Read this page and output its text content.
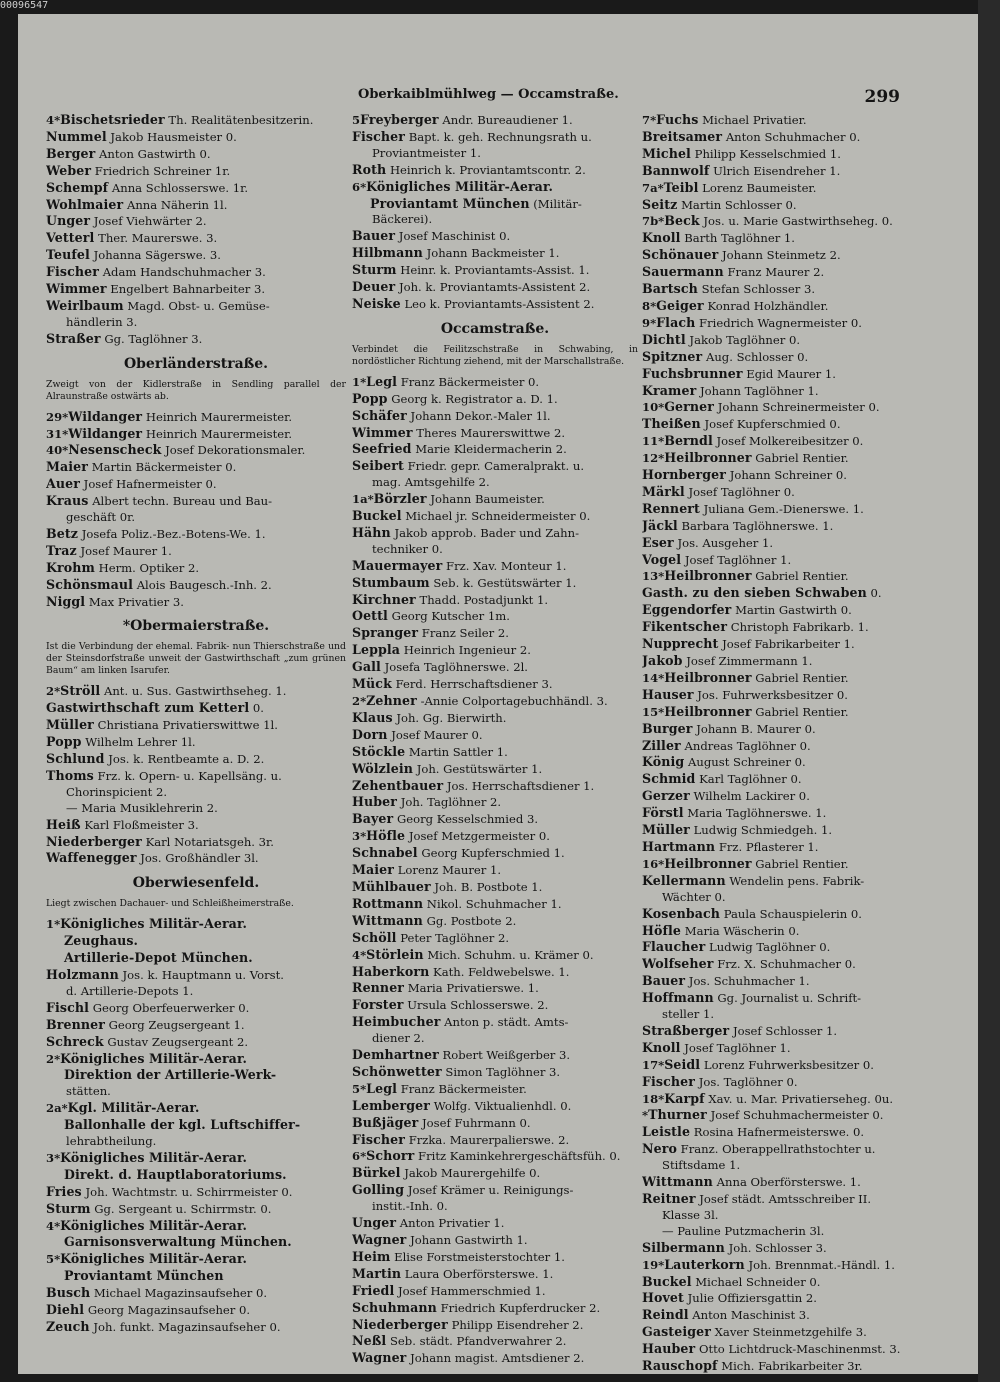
Oberkaiblmühlweg — Occamstraße.	299
4*Bischetsrieder Th. Realitätenbesitzerin.
Nummel Jakob Hausmeister 0.
Berger Anton Gastwirth 0.
Weber Friedrich Schreiner 1r.
Schempf Anna Schlosserswe. 1r.
Wohlmaier Anna Näherin 1l.
Unger Josef Viehwärter 2.
Vetterl Ther. Maurerswe. 3.
Teufel Johanna Sägerswe. 3.
Fischer Adam Handschuhmacher 3.
Wimmer Engelbert Bahnarbeiter 3.
Weirlbaum Magd. Obst- u. Gemüse-
händlerin 3.
Straßer Gg. Taglöhner 3.
Oberländerstraße.
Zweigt von der Kidlerstraße in Sendling parallel der Alraunstraße ostwärts ab.
29*Wildanger Heinrich Maurermeister.
31*Wildanger Heinrich Maurermeister.
40*Nesenscheck Josef Dekorationsmaler.
Maier Martin Bäckermeister 0.
Auer Josef Hafnermeister 0.
Kraus Albert techn. Bureau und Bau-
geschäft 0r.
Betz Josefa Poliz.-Bez.-Botens-We. 1.
Traz Josef Maurer 1.
Krohm Herm. Optiker 2.
Schönsmaul Alois Baugesch.-Inh. 2.
Niggl Max Privatier 3.
*Obermaierstraße.
Ist die Verbindung der ehemal. Fabrik- nun Thierschstraße und der Steinsdorfstraße unweit der Gastwirthschaft „zum grünen Baum“ am linken Isarufer.
2*Ströll Ant. u. Sus. Gastwirthseheg. 1.
Gastwirthschaft zum Ketterl 0.
Müller Christiana Privatierswittwe 1l.
Popp Wilhelm Lehrer 1l.
Schlund Jos. k. Rentbeamte a. D. 2.
Thoms Frz. k. Opern- u. Kapellsäng. u.
Chorinspicient 2.
— Maria Musiklehrerin 2.
Heiß Karl Floßmeister 3.
Niederberger Karl Notariatsgeh. 3r.
Waffenegger Jos. Großhändler 3l.
Oberwiesenfeld.
Liegt zwischen Dachauer- und Schleißheimerstraße.
1*Königliches Militär-Aerar.
Zeughaus.
Artillerie-Depot München.
Holzmann Jos. k. Hauptmann u. Vorst.
d. Artillerie-Depots 1.
Fischl Georg Oberfeuerwerker 0.
Brenner Georg Zeugsergeant 1.
Schreck Gustav Zeugsergeant 2.
2*Königliches Militär-Aerar.
Direktion der Artillerie-Werk-
stätten.
2a*Kgl. Militär-Aerar.
Ballonhalle der kgl. Luftschiffer-
lehrabtheilung.
3*Königliches Militär-Aerar.
Direkt. d. Hauptlaboratoriums.
Fries Joh. Wachtmstr. u. Schirrmeister 0.
Sturm Gg. Sergeant u. Schirrmstr. 0.
4*Königliches Militär-Aerar.
Garnisonsverwaltung München.
5*Königliches Militär-Aerar.
Proviantamt München
Busch Michael Magazinsaufseher 0.
Diehl Georg Magazinsaufseher 0.
Zeuch Joh. funkt. Magazinsaufseher 0.
5Freyberger Andr. Bureaudiener 1.
Fischer Bapt. k. geh. Rechnungsrath u.
Proviantmeister 1.
Roth Heinrich k. Proviantamtscontr. 2.
6*Königliches Militär-Aerar.
Proviantamt München (Militär-
Bäckerei).
Bauer Josef Maschinist 0.
Hilbmann Johann Backmeister 1.
Sturm Heinr. k. Proviantamts-Assist. 1.
Deuer Joh. k. Proviantamts-Assistent 2.
Neiske Leo k. Proviantamts-Assistent 2.
Occamstraße.
Verbindet die Feilitzschstraße in Schwabing, in nordöstlicher Richtung ziehend, mit der Marschallstraße.
1*Legl Franz Bäckermeister 0.
Popp Georg k. Registrator a. D. 1.
Schäfer Johann Dekor.-Maler 1l.
Wimmer Theres Maurerswittwe 2.
Seefried Marie Kleidermacherin 2.
Seibert Friedr. gepr. Cameralprakt. u.
mag. Amtsgehilfe 2.
1a*Börzler Johann Baumeister.
Buckel Michael jr. Schneidermeister 0.
Hähn Jakob approb. Bader und Zahn-
techniker 0.
Mauermayer Frz. Xav. Monteur 1.
Stumbaum Seb. k. Gestütswärter 1.
Kirchner Thadd. Postadjunkt 1.
Oettl Georg Kutscher 1m.
Spranger Franz Seiler 2.
Leppla Heinrich Ingenieur 2.
Gall Josefa Taglöhnerswe. 2l.
Mück Ferd. Herrschaftsdiener 3.
2*Zehner -Annie Colportagebuchhändl. 3.
Klaus Joh. Gg. Bierwirth.
Dorn Josef Maurer 0.
Stöckle Martin Sattler 1.
Wölzlein Joh. Gestütswärter 1.
Zehentbauer Jos. Herrschaftsdiener 1.
Huber Joh. Taglöhner 2.
Bayer Georg Kesselschmied 3.
3*Höfle Josef Metzgermeister 0.
Schnabel Georg Kupferschmied 1.
Maier Lorenz Maurer 1.
Mühlbauer Joh. B. Postbote 1.
Rottmann Nikol. Schuhmacher 1.
Wittmann Gg. Postbote 2.
Schöll Peter Taglöhner 2.
4*Störlein Mich. Schuhm. u. Krämer 0.
Haberkorn Kath. Feldwebelswe. 1.
Renner Maria Privatierswe. 1.
Forster Ursula Schlosserswe. 2.
Heimbucher Anton p. städt. Amts-
diener 2.
Demhartner Robert Weißgerber 3.
Schönwetter Simon Taglöhner 3.
5*Legl Franz Bäckermeister.
Lemberger Wolfg. Viktualienhdl. 0.
Bußjäger Josef Fuhrmann 0.
Fischer Frzka. Maurerpalierswe. 2.
6*Schorr Fritz Kaminkehrergeschäftsfüh. 0.
Bürkel Jakob Maurergehilfe 0.
Golling Josef Krämer u. Reinigungs-
instit.-Inh. 0.
Unger Anton Privatier 1.
Wagner Johann Gastwirth 1.
Heim Elise Forstmeisterstochter 1.
Martin Laura Oberförsterswe. 1.
Friedl Josef Hammerschmied 1.
Schuhmann Friedrich Kupferdrucker 2.
Niederberger Philipp Eisendreher 2.
Neßl Seb. städt. Pfandverwahrer 2.
Wagner Johann magist. Amtsdiener 2.
7*Fuchs Michael Privatier.
Breitsamer Anton Schuhmacher 0.
Michel Philipp Kesselschmied 1.
Bannwolf Ulrich Eisendreher 1.
7a*Teibl Lorenz Baumeister.
Seitz Martin Schlosser 0.
7b*Beck Jos. u. Marie Gastwirthseheg. 0.
Knoll Barth Taglöhner 1.
Schönauer Johann Steinmetz 2.
Sauermann Franz Maurer 2.
Bartsch Stefan Schlosser 3.
8*Geiger Konrad Holzhändler.
9*Flach Friedrich Wagnermeister 0.
Dichtl Jakob Taglöhner 0.
Spitzner Aug. Schlosser 0.
Fuchsbrunner Egid Maurer 1.
Kramer Johann Taglöhner 1.
10*Gerner Johann Schreinermeister 0.
Theißen Josef Kupferschmied 0.
11*Berndl Josef Molkereibesitzer 0.
12*Heilbronner Gabriel Rentier.
Hornberger Johann Schreiner 0.
Märkl Josef Taglöhner 0.
Rennert Juliana Gem.-Dienerswe. 1.
Jäckl Barbara Taglöhnerswe. 1.
Eser Jos. Ausgeher 1.
Vogel Josef Taglöhner 1.
13*Heilbronner Gabriel Rentier.
Gasth. zu den sieben Schwaben 0.
Eggendorfer Martin Gastwirth 0.
Fikentscher Christoph Fabrikarb. 1.
Nupprecht Josef Fabrikarbeiter 1.
Jakob Josef Zimmermann 1.
14*Heilbronner Gabriel Rentier.
Hauser Jos. Fuhrwerksbesitzer 0.
15*Heilbronner Gabriel Rentier.
Burger Johann B. Maurer 0.
Ziller Andreas Taglöhner 0.
König August Schreiner 0.
Schmid Karl Taglöhner 0.
Gerzer Wilhelm Lackirer 0.
Förstl Maria Taglöhnerswe. 1.
Müller Ludwig Schmiedgeh. 1.
Hartmann Frz. Pflasterer 1.
16*Heilbronner Gabriel Rentier.
Kellermann Wendelin pens. Fabrik-
Wächter 0.
Kosenbach Paula Schauspielerin 0.
Höfle Maria Wäscherin 0.
Flaucher Ludwig Taglöhner 0.
Wolfseher Frz. X. Schuhmacher 0.
Bauer Jos. Schuhmacher 1.
Hoffmann Gg. Journalist u. Schrift-
steller 1.
Straßberger Josef Schlosser 1.
Knoll Josef Taglöhner 1.
17*Seidl Lorenz Fuhrwerksbesitzer 0.
Fischer Jos. Taglöhner 0.
18*Karpf Xav. u. Mar. Privatierseheg. 0u.
*Thurner Josef Schuhmachermeister 0.
Leistle Rosina Hafnermeisterswe. 0.
Nero Franz. Oberappellrathstochter u.
Stiftsdame 1.
Wittmann Anna Oberförsterswe. 1.
Reitner Josef städt. Amtsschreiber II.
Klasse 3l.
— Pauline Putzmacherin 3l.
Silbermann Joh. Schlosser 3.
19*Lauterkorn Joh. Brennmat.-Händl. 1.
Buckel Michael Schneider 0.
Hovet Julie Offiziersgattin 2.
Reindl Anton Maschinist 3.
Gasteiger Xaver Steinmetzgehilfe 3.
Hauber Otto Lichtdruck-Maschinenmst. 3.
Rauschopf Mich. Fabrikarbeiter 3r.
00096547
